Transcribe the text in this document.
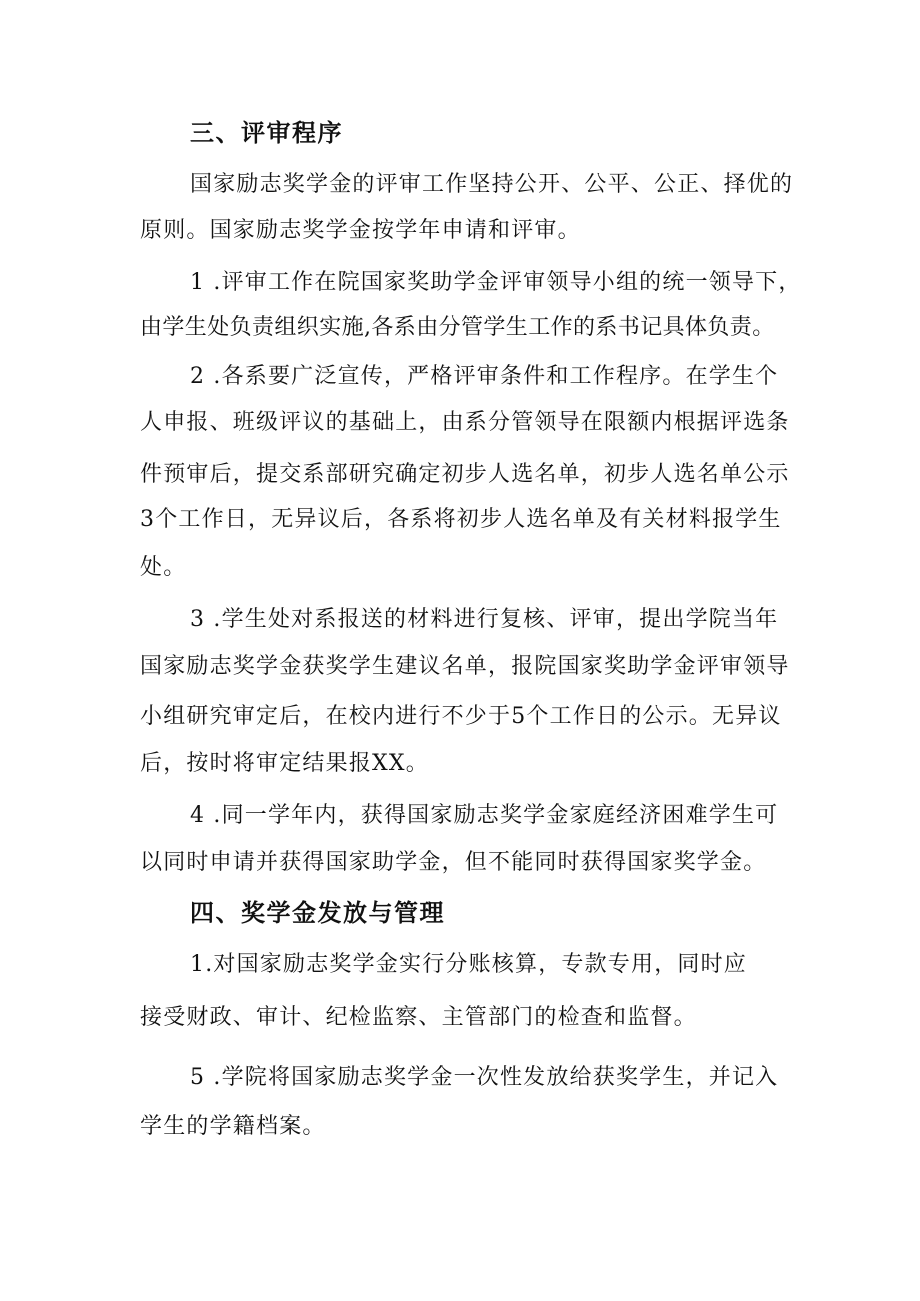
三、评审程序
国家励志奖学金的评审工作坚持公开、公平、公正、择优的
原则。国家励志奖学金按学年申请和评审。
1 .评审工作在院国家奖助学金评审领导小组的统一领导下，
由学生处负责组织实施,各系由分管学生工作的系书记具体负责。
2 .各系要广泛宣传，严格评审条件和工作程序。在学生个
人申报、班级评议的基础上，由系分管领导在限额内根据评选条
件预审后，提交系部研究确定初步人选名单，初步人选名单公示
3个工作日，无异议后，各系将初步人选名单及有关材料报学生
处。
3 .学生处对系报送的材料进行复核、评审，提出学院当年
国家励志奖学金获奖学生建议名单，报院国家奖助学金评审领导
小组研究审定后，在校内进行不少于5个工作日的公示。无异议
后，按时将审定结果报XX。
4 .同一学年内，获得国家励志奖学金家庭经济困难学生可
以同时申请并获得国家助学金，但不能同时获得国家奖学金。
四、奖学金发放与管理
1.对国家励志奖学金实行分账核算，专款专用，同时应
接受财政、审计、纪检监察、主管部门的检查和监督。
5 .学院将国家励志奖学金一次性发放给获奖学生，并记入
学生的学籍档案。
